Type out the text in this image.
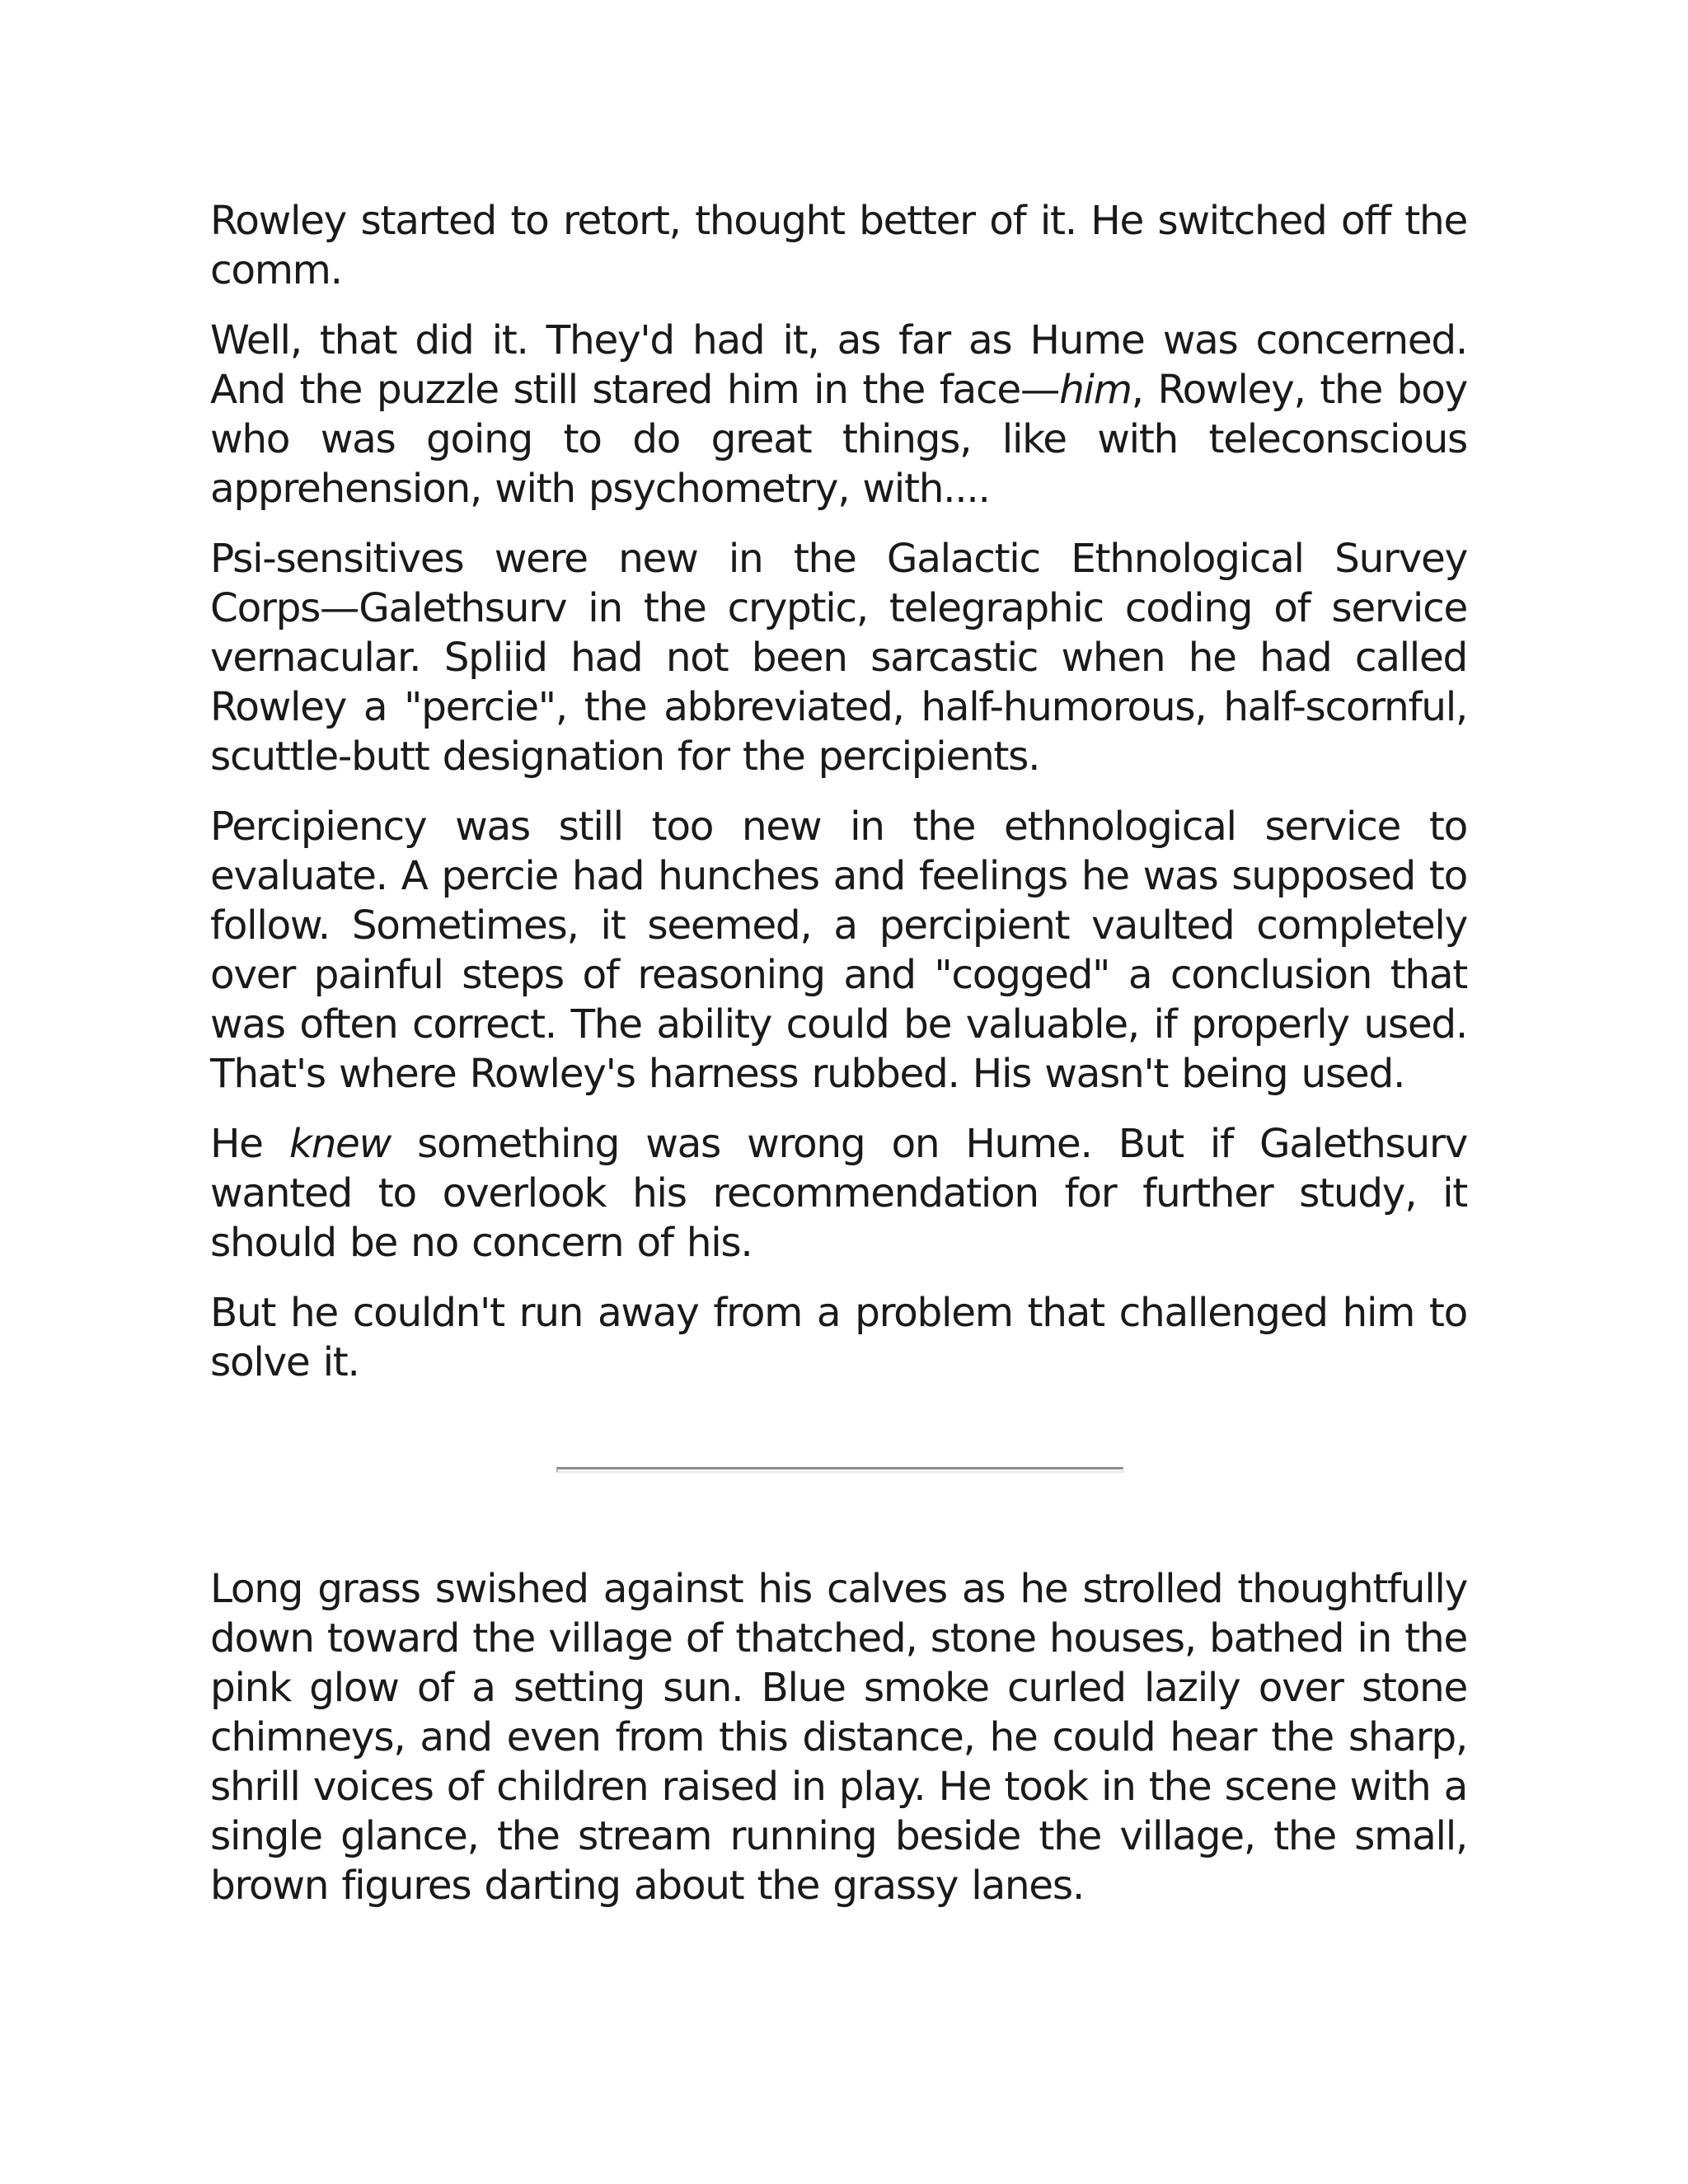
Rowley started to retort, thought better of it. He switched off the comm.

Well, that did it. They'd had it, as far as Hume was concerned. And the puzzle still stared him in the face—him, Rowley, the boy who was going to do great things, like with teleconscious apprehension, with psychometry, with....

Psi-sensitives were new in the Galactic Ethnological Survey Corps—Galethsurv in the cryptic, telegraphic coding of service vernacular. Spliid had not been sarcastic when he had called Rowley a "percie", the abbreviated, half-humorous, half-scornful, scuttle-butt designation for the percipients.

Percipiency was still too new in the ethnological service to evaluate. A percie had hunches and feelings he was supposed to follow. Sometimes, it seemed, a percipient vaulted completely over painful steps of reasoning and "cogged" a conclusion that was often correct. The ability could be valuable, if properly used. That's where Rowley's harness rubbed. His wasn't being used.

He knew something was wrong on Hume. But if Galethsurv wanted to overlook his recommendation for further study, it should be no concern of his.

But he couldn't run away from a problem that challenged him to solve it.

Long grass swished against his calves as he strolled thoughtfully down toward the village of thatched, stone houses, bathed in the pink glow of a setting sun. Blue smoke curled lazily over stone chimneys, and even from this distance, he could hear the sharp, shrill voices of children raised in play. He took in the scene with a single glance, the stream running beside the village, the small, brown figures darting about the grassy lanes.
